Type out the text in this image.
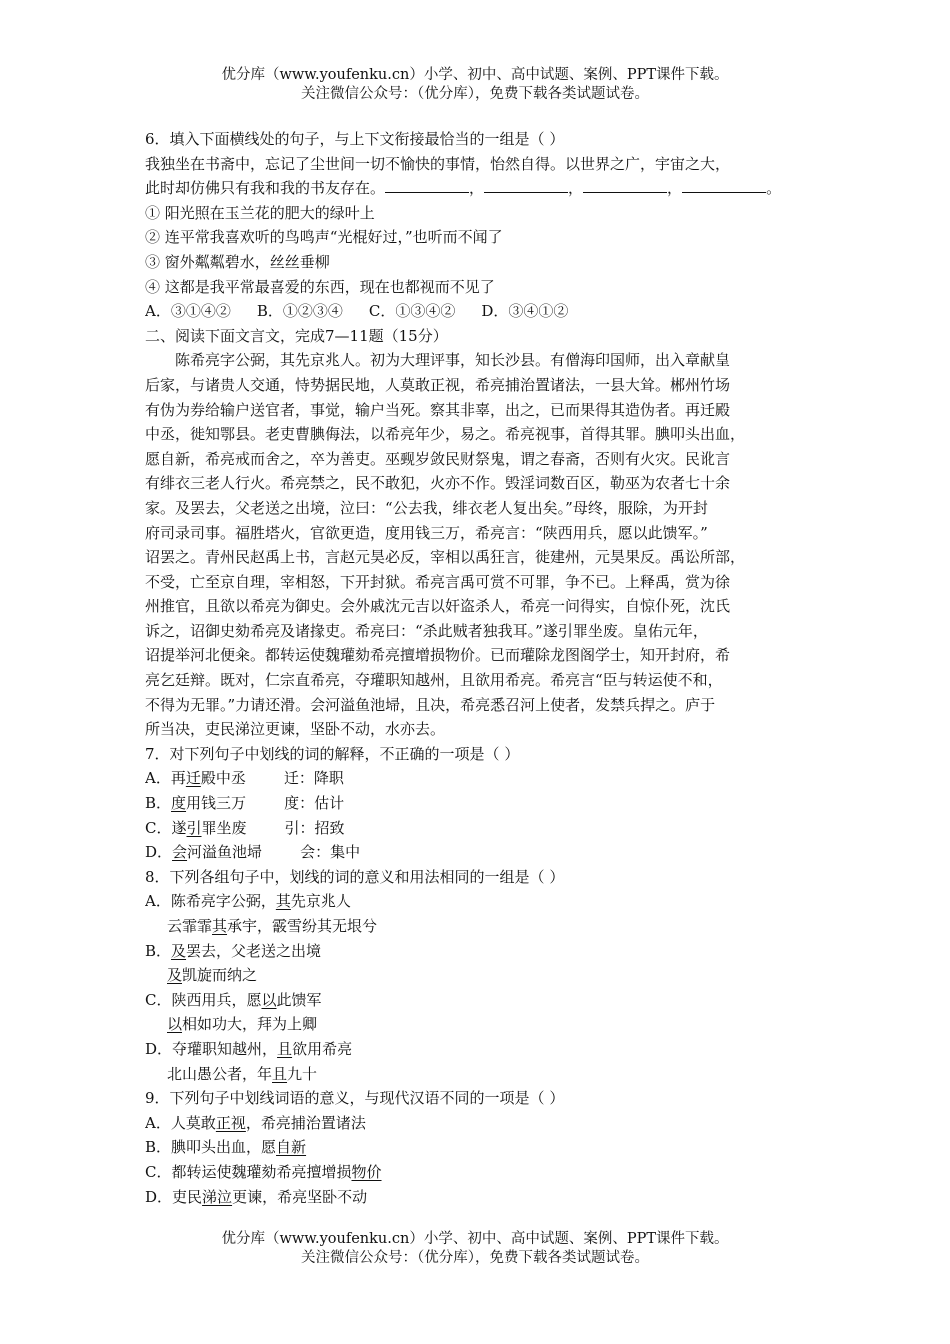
优分库（www.youfenku.cn）小学、初中、高中试题、案例、PPT课件下载。
关注微信公众号：（优分库），免费下载各类试题试卷。
6．填入下面横线处的句子，与上下文衔接最恰当的一组是（ ）
我独坐在书斋中，忘记了尘世间一切不愉快的事情，怡然自得。以世界之广，宇宙之大，
此时却仿佛只有我和我的书友存在。	，	，	，	。
① 阳光照在玉兰花的肥大的绿叶上
② 连平常我喜欢听的鸟鸣声“光棍好过，”也听而不闻了
③ 窗外粼粼碧水，丝丝垂柳
④ 这都是我平常最喜爱的东西，现在也都视而不见了
A．③①④② B．①②③④ C．①③④② D．③④①②
二、阅读下面文言文，完成7—11题（15分）
陈希亮字公弼，其先京兆人。初为大理评事，知长沙县。有僧海印国师，出入章献皇
后家，与诸贵人交通，恃势据民地，人莫敢正视，希亮捕治置诸法，一县大耸。郴州竹场
有伪为券给输户送官者，事觉，输户当死。察其非辜，出之，已而果得其造伪者。再迁殿
中丞，徙知鄂县。老吏曹腆侮法，以希亮年少，易之。希亮视事，首得其罪。腆叩头出血，
愿自新，希亮戒而舍之，卒为善吏。巫觋岁敛民财祭鬼，谓之春斋，否则有火灾。民讹言
有绯衣三老人行火。希亮禁之，民不敢犯，火亦不作。毁淫词数百区，勒巫为农者七十余
家。及罢去，父老送之出境，泣曰：“公去我，绯衣老人复出矣。”母终，服除，为开封
府司录司事。福胜塔火，官欲更造，度用钱三万，希亮言：“陕西用兵，愿以此馈军。”
诏罢之。青州民赵禹上书，言赵元昊必反，宰相以禹狂言，徙建州，元昊果反。禹讼所部，
不受，亡至京自理，宰相怒，下开封狱。希亮言禹可赏不可罪，争不已。上释禹，赏为徐
州推官，且欲以希亮为御史。会外戚沈元吉以奸盗杀人，希亮一问得实，自惊仆死，沈氏
诉之，诏御史劾希亮及诸掾吏。希亮曰：“杀此贼者独我耳。”遂引罪坐废。皇佑元年，
诏提举河北便籴。都转运使魏瓘劾希亮擅增损物价。已而瓘除龙图阁学士，知开封府，希
亮乞廷辩。既对，仁宗直希亮，夺瓘职知越州，且欲用希亮。希亮言“臣与转运使不和，
不得为无罪。”力请还滑。会河溢鱼池埽，且决，希亮悉召河上使者，发禁兵捍之。庐于
所当决，吏民涕泣更谏，坚卧不动，水亦去。
7．对下列句子中划线的词的解释，不正确的一项是（ ）
A．再迁殿中丞	迁：降职
B．度用钱三万	度：估计
C．遂引罪坐废	引：招致
D．会河溢鱼池埽	会：集中
8．下列各组句子中，划线的词的意义和用法相同的一组是（ ）
A．陈希亮字公弼，其先京兆人
云霏霏其承宇，霰雪纷其无垠兮
B．及罢去，父老送之出境
及凯旋而纳之
C．陕西用兵，愿以此馈军
以相如功大，拜为上卿
D．夺瓘职知越州，且欲用希亮
北山愚公者，年且九十
9．下列句子中划线词语的意义，与现代汉语不同的一项是（ ）
A．人莫敢正视，希亮捕治置诸法
B．腆叩头出血，愿自新
C．都转运使魏瓘劾希亮擅增损物价
D．吏民涕泣更谏，希亮坚卧不动
优分库（www.youfenku.cn）小学、初中、高中试题、案例、PPT课件下载。
关注微信公众号：（优分库），免费下载各类试题试卷。
